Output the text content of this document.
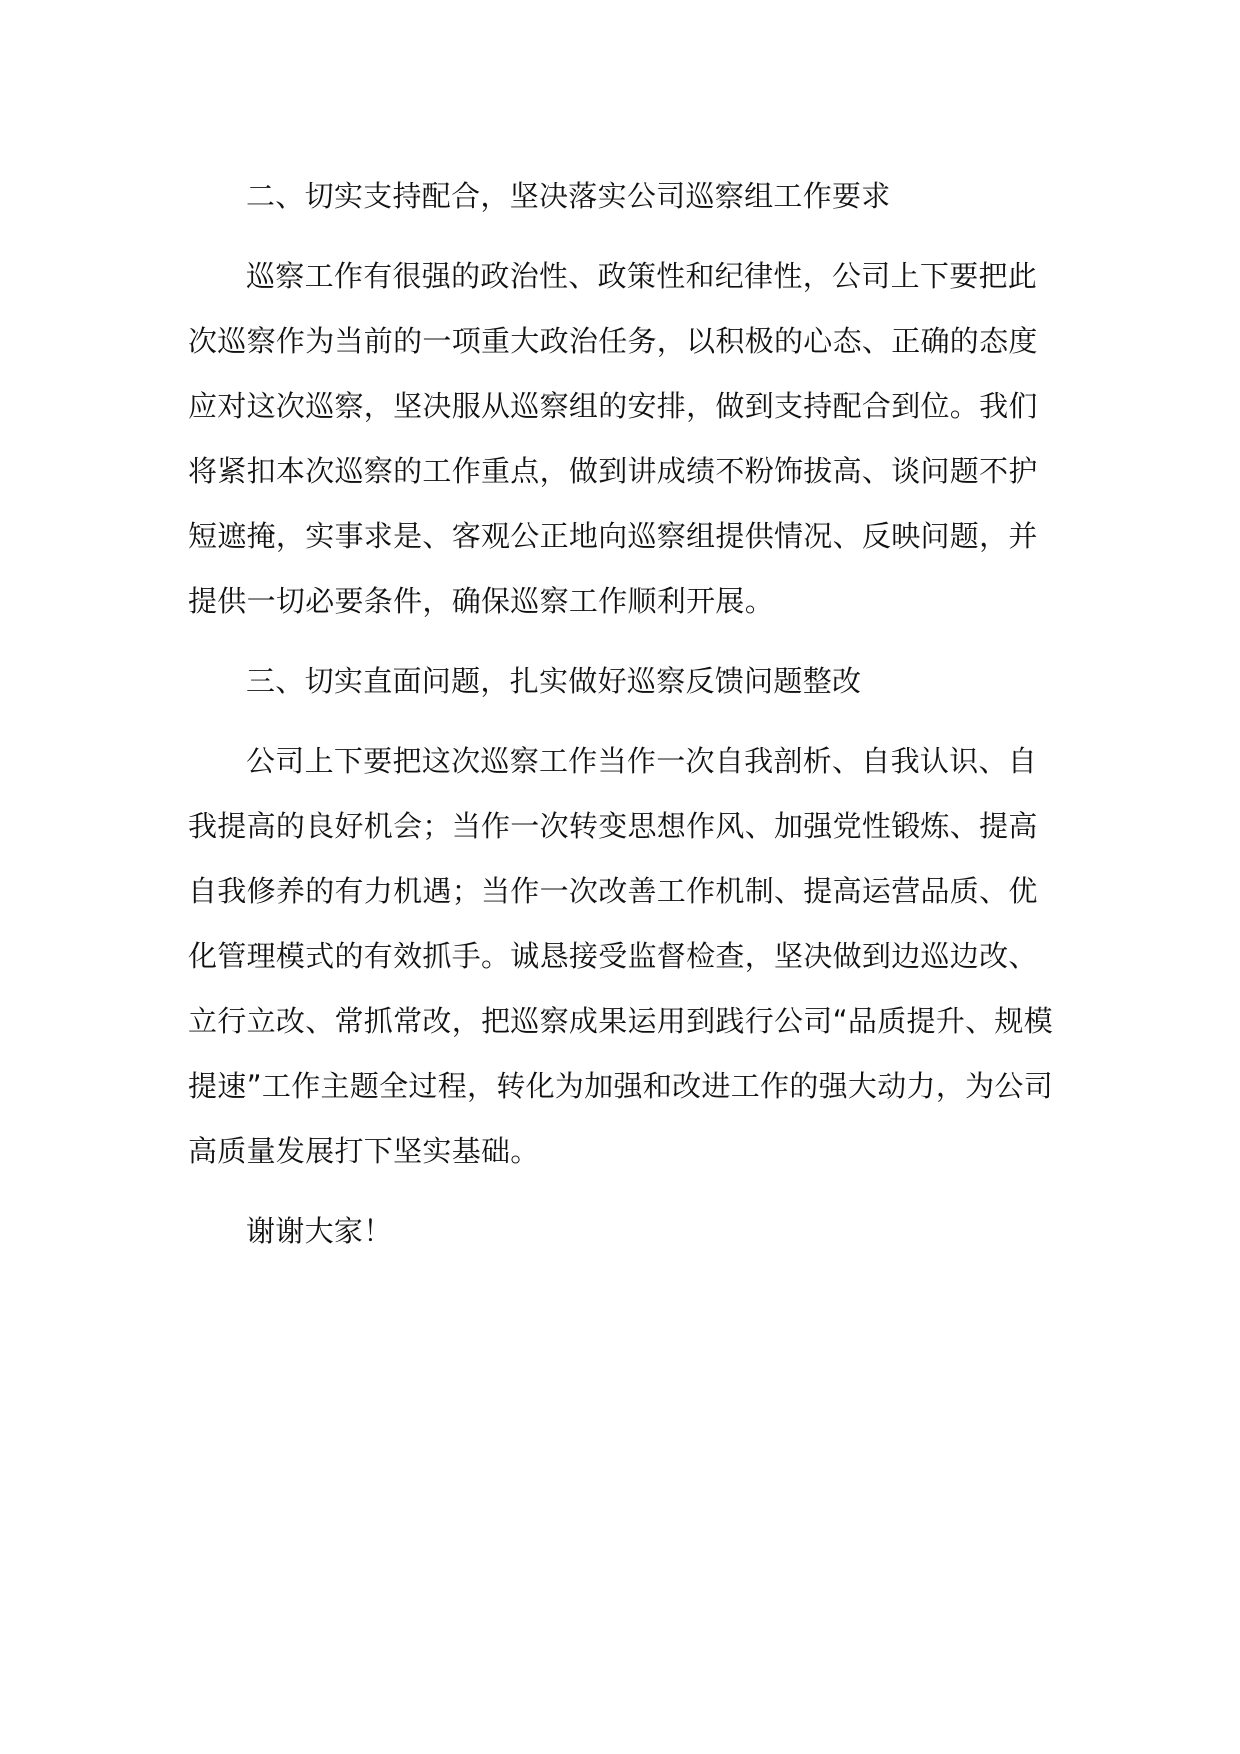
二、切实支持配合，坚决落实公司巡察组工作要求

巡察工作有很强的政治性、政策性和纪律性，公司上下要把此次巡察作为当前的一项重大政治任务，以积极的心态、正确的态度应对这次巡察，坚决服从巡察组的安排，做到支持配合到位。我们将紧扣本次巡察的工作重点，做到讲成绩不粉饰拔高、谈问题不护短遮掩，实事求是、客观公正地向巡察组提供情况、反映问题，并提供一切必要条件，确保巡察工作顺利开展。

三、切实直面问题，扎实做好巡察反馈问题整改

公司上下要把这次巡察工作当作一次自我剖析、自我认识、自我提高的良好机会；当作一次转变思想作风、加强党性锻炼、提高自我修养的有力机遇；当作一次改善工作机制、提高运营品质、优化管理模式的有效抓手。诚恳接受监督检查，坚决做到边巡边改、立行立改、常抓常改，把巡察成果运用到践行公司“品质提升、规模提速”工作主题全过程，转化为加强和改进工作的强大动力，为公司高质量发展打下坚实基础。

谢谢大家！
